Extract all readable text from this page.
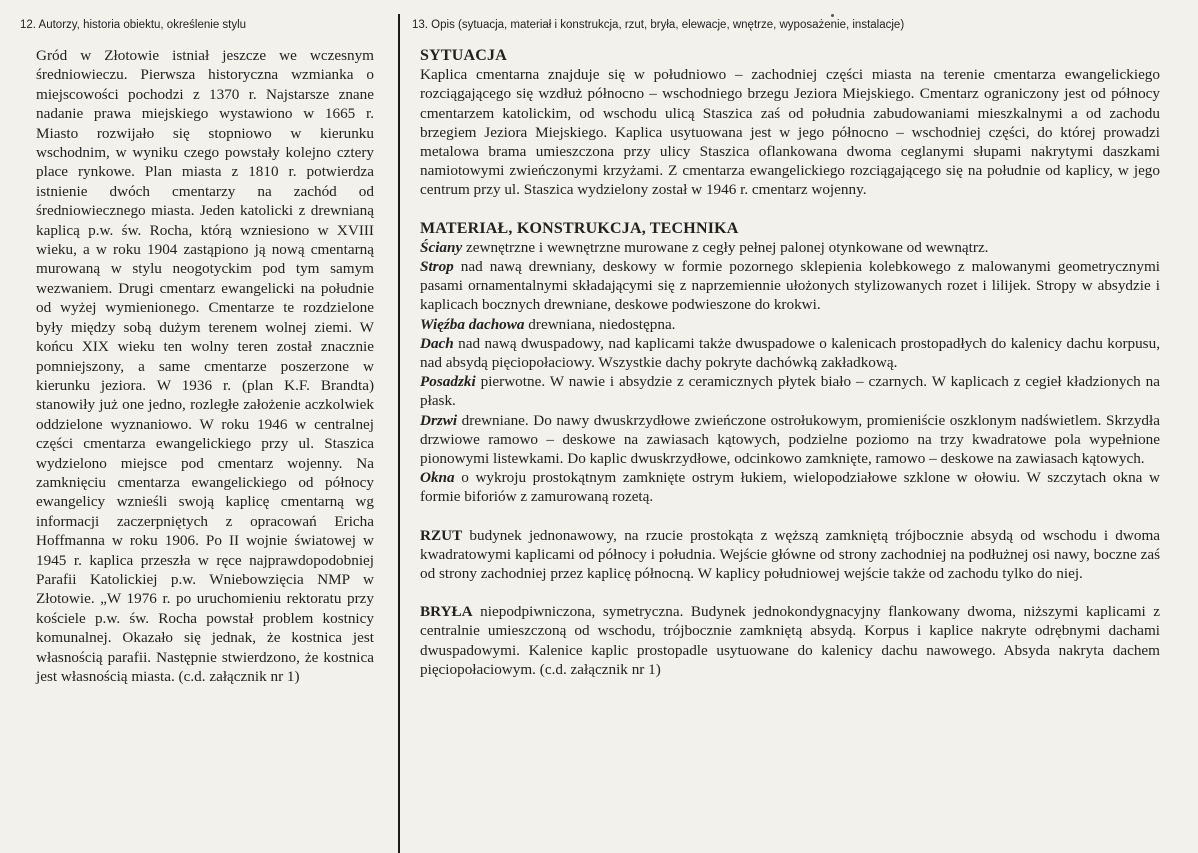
12. Autorzy, historia obiektu, określenie stylu

Gród w Złotowie istniał jeszcze we wczesnym średniowieczu. Pierwsza historyczna wzmianka o miejscowości pochodzi z 1370 r. Najstarsze znane nadanie prawa miejskiego wystawiono w 1665 r. Miasto rozwijało się stopniowo w kierunku wschodnim, w wyniku czego powstały kolejno cztery place rynkowe. Plan miasta z 1810 r. potwierdza istnienie dwóch cmentarzy na zachód od średniowiecznego miasta. Jeden katolicki z drewnianą kaplicą p.w. św. Rocha, którą wzniesiono w XVIII wieku, a w roku 1904 zastąpiono ją nową cmentarną murowaną w stylu neogotyckim pod tym samym wezwaniem. Drugi cmentarz ewangelicki na południe od wyżej wymienionego. Cmentarze te rozdzielone były między sobą dużym terenem wolnej ziemi. W końcu XIX wieku ten wolny teren został znacznie pomniejszony, a same cmentarze poszerzone w kierunku jeziora. W 1936 r. (plan K.F. Brandta) stanowiły już one jedno, rozległe założenie aczkolwiek oddzielone wyznaniowo. W roku 1946 w centralnej części cmentarza ewangelickiego przy ul. Staszica wydzielono miejsce pod cmentarz wojenny. Na zamknięciu cmentarza ewangelickiego od północy ewangelicy wznieśli swoją kaplicę cmentarną wg informacji zaczerpniętych z opracowań Ericha Hoffmanna w roku 1906. Po II wojnie światowej w 1945 r. kaplica przeszła w ręce najprawdopodobniej Parafii Katolickiej p.w. Wniebowzięcia NMP w Złotowie. „W 1976 r. po uruchomieniu rektoratu przy kościele p.w. św. Rocha powstał problem kostnicy komunalnej. Okazało się jednak, że kostnica jest własnością parafii. Następnie stwierdzono, że kostnica jest własnością miasta. (c.d. załącznik nr 1)

13. Opis (sytuacja, materiał i konstrukcja, rzut, bryła, elewacje, wnętrze, wyposażenie, instalacje)
SYTUACJA

Kaplica cmentarna znajduje się w południowo – zachodniej części miasta na terenie cmentarza ewangelickiego rozciągającego się wzdłuż północno – wschodniego brzegu Jeziora Miejskiego. Cmentarz ograniczony jest od północy cmentarzem katolickim, od wschodu ulicą Staszica zaś od południa zabudowaniami mieszkalnymi a od zachodu brzegiem Jeziora Miejskiego. Kaplica usytuowana jest w jego północno – wschodniej części, do której prowadzi metalowa brama umieszczona przy ulicy Staszica oflankowana dwoma ceglanymi słupami nakrytymi daszkami namiotowymi zwieńczonymi krzyżami. Z cmentarza ewangelickiego rozciągającego się na południe od kaplicy, w jego centrum przy ul. Staszica wydzielony został w 1946 r. cmentarz wojenny.

MATERIAŁ, KONSTRUKCJA, TECHNIKA

Ściany zewnętrzne i wewnętrzne murowane z cegły pełnej palonej otynkowane od wewnątrz.

Strop nad nawą drewniany, deskowy w formie pozornego sklepienia kolebkowego z malowanymi geometrycznymi pasami ornamentalnymi składającymi się z naprzemiennie ułożonych stylizowanych rozet i lilijek. Stropy w absydzie i kaplicach bocznych drewniane, deskowe podwieszone do krokwi.

Więźba dachowa drewniana, niedostępna.

Dach nad nawą dwuspadowy, nad kaplicami także dwuspadowe o kalenicach prostopadłych do kalenicy dachu korpusu, nad absydą pięciopołaciowy. Wszystkie dachy pokryte dachówką zakładkową.

Posadzki pierwotne. W nawie i absydzie z ceramicznych płytek biało – czarnych. W kaplicach z cegieł kładzionych na płask.

Drzwi drewniane. Do nawy dwuskrzydłowe zwieńczone ostrołukowym, promieniście oszklonym nadświetlem. Skrzydła drzwiowe ramowo – deskowe na zawiasach kątowych, podzielne poziomo na trzy kwadratowe pola wypełnione pionowymi listewkami. Do kaplic dwuskrzydłowe, odcinkowo zamknięte, ramowo – deskowe na zawiasach kątowych.

Okna o wykroju prostokątnym zamknięte ostrym łukiem, wielopodziałowe szklone w ołowiu. W szczytach okna w formie biforiów z zamurowaną rozetą.

RZUT budynek jednonawowy, na rzucie prostokąta z węższą zamkniętą trójbocznie absydą od wschodu i dwoma kwadratowymi kaplicami od północy i południa. Wejście główne od strony zachodniej na podłużnej osi nawy, boczne zaś od strony zachodniej przez kaplicę północną. W kaplicy południowej wejście także od zachodu tylko do niej.

BRYŁA niepodpiwniczona, symetryczna. Budynek jednokondygnacyjny flankowany dwoma, niższymi kaplicami z centralnie umieszczoną od wschodu, trójbocznie zamkniętą absydą. Korpus i kaplice nakryte odrębnymi dachami dwuspadowymi. Kalenice kaplic prostopadle usytuowane do kalenicy dachu nawowego. Absyda nakryta dachem pięciopołaciowym. (c.d. załącznik nr 1)
